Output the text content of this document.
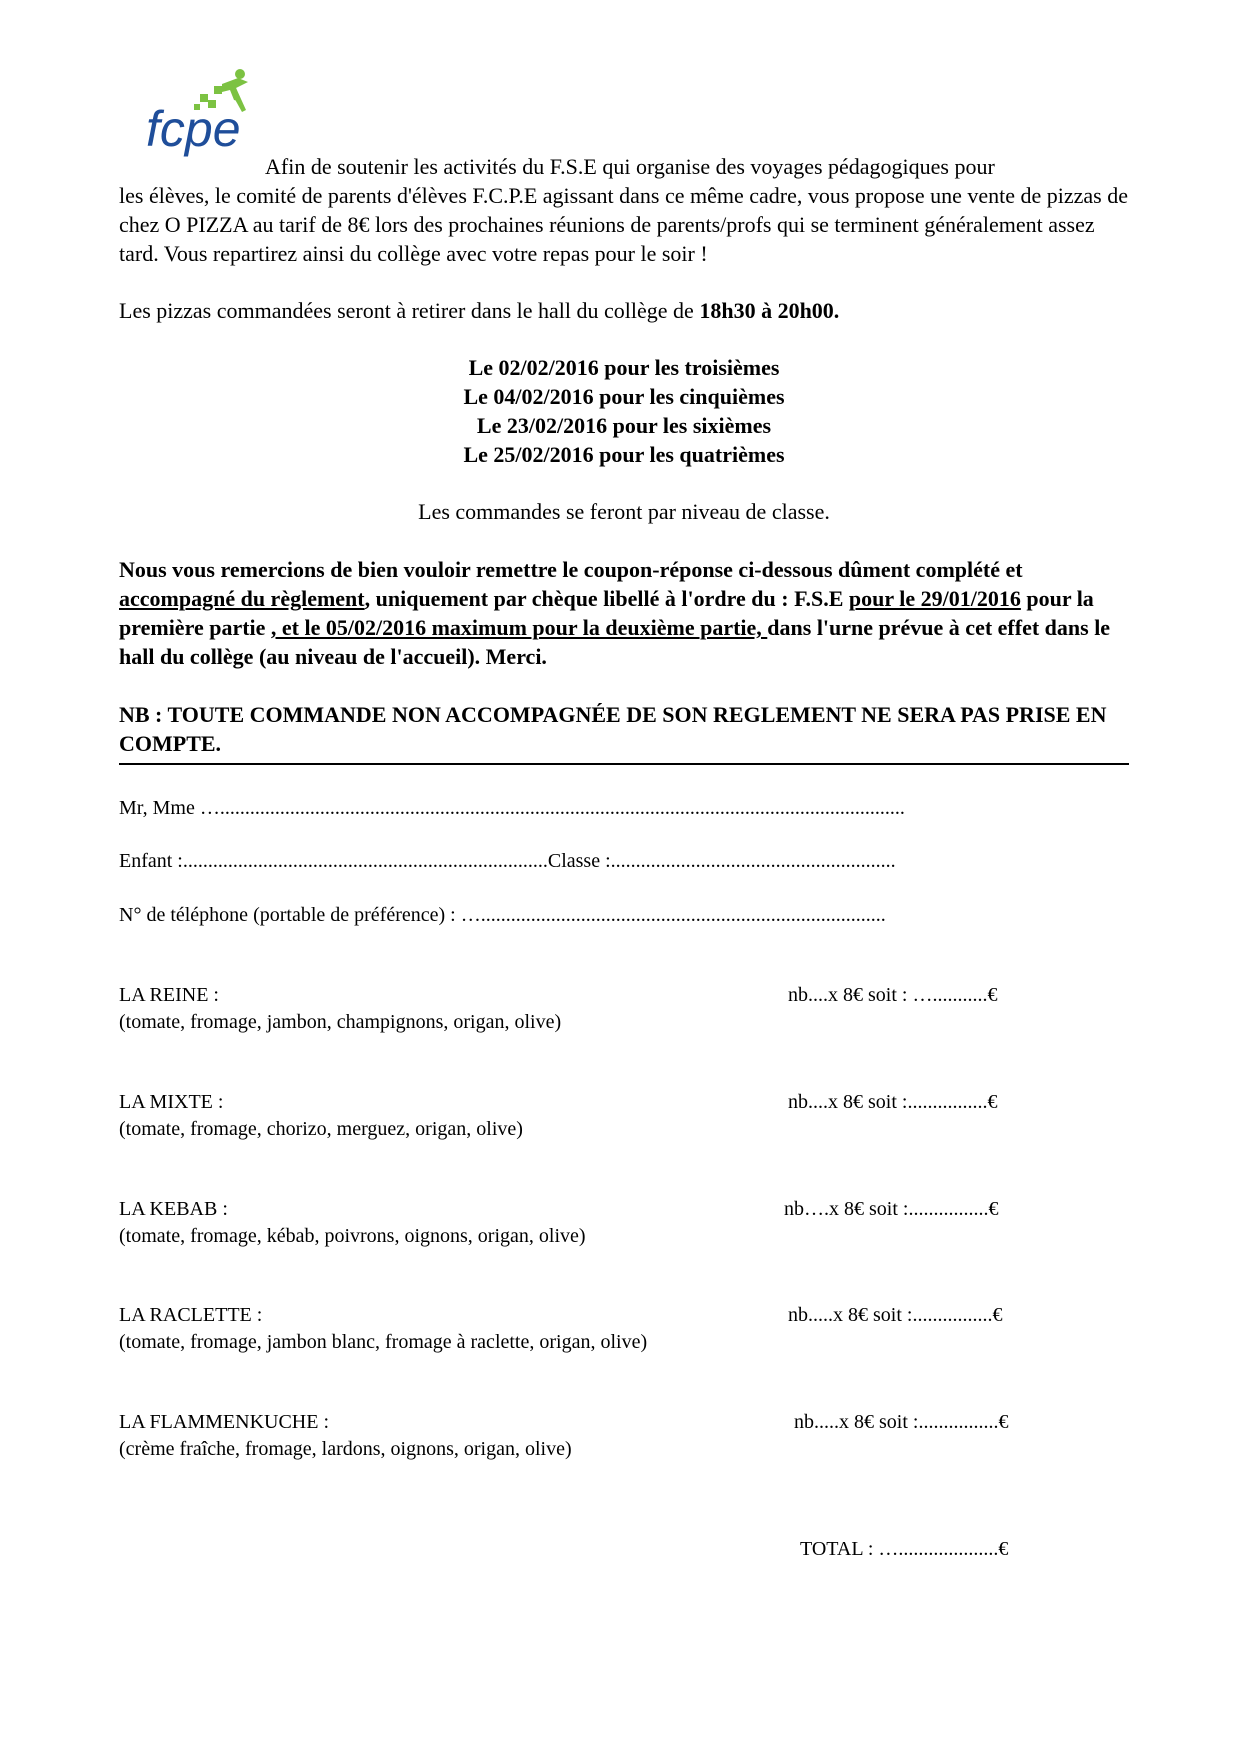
fcpe

Afin de soutenir les activités du F.S.E qui organise des voyages pédagogiques pour
les élèves, le comité de parents d'élèves F.C.P.E agissant dans ce même cadre, vous propose une vente de pizzas de chez O PIZZA au tarif de 8€ lors des prochaines réunions de parents/profs qui se terminent généralement assez tard. Vous repartirez ainsi du collège avec votre repas pour le soir !

Les pizzas commandées seront à retirer dans le hall du collège de 18h30 à 20h00.

Le 02/02/2016 pour les troisièmes
Le 04/02/2016 pour les cinquièmes
Le 23/02/2016 pour les sixièmes
Le 25/02/2016 pour les quatrièmes
Les commandes se feront par niveau de classe.

Nous vous remercions de bien vouloir remettre le coupon-réponse ci-dessous dûment complété et accompagné du règlement, uniquement par chèque libellé à l'ordre du : F.S.E pour le 29/01/2016 pour la première partie , et le 05/02/2016 maximum pour la deuxième partie, dans l'urne prévue à cet effet dans le hall du collège (au niveau de l'accueil). Merci.

NB : TOUTE COMMANDE NON ACCOMPAGNÉE DE SON REGLEMENT NE SERA PAS PRISE EN COMPTE.

Mr, Mme ….........................................................................................................................................
Enfant :.........................................................................Classe :.........................................................
N° de téléphone (portable de préférence) : ….................................................................................
LA REINE :
(tomate, fromage, jambon, champignons, origan, olive)
nb....x 8€ soit : …...........€
LA MIXTE :
(tomate, fromage, chorizo, merguez, origan, olive)
nb....x 8€ soit :................€
LA KEBAB :
(tomate, fromage, kébab, poivrons, oignons, origan, olive)
nb….x 8€ soit :................€
LA RACLETTE :
(tomate, fromage, jambon blanc, fromage à raclette, origan, olive)
nb.....x 8€ soit :................€
LA FLAMMENKUCHE :
(crème fraîche, fromage, lardons, oignons, origan, olive)
nb.....x 8€ soit :................€
TOTAL : …....................€
